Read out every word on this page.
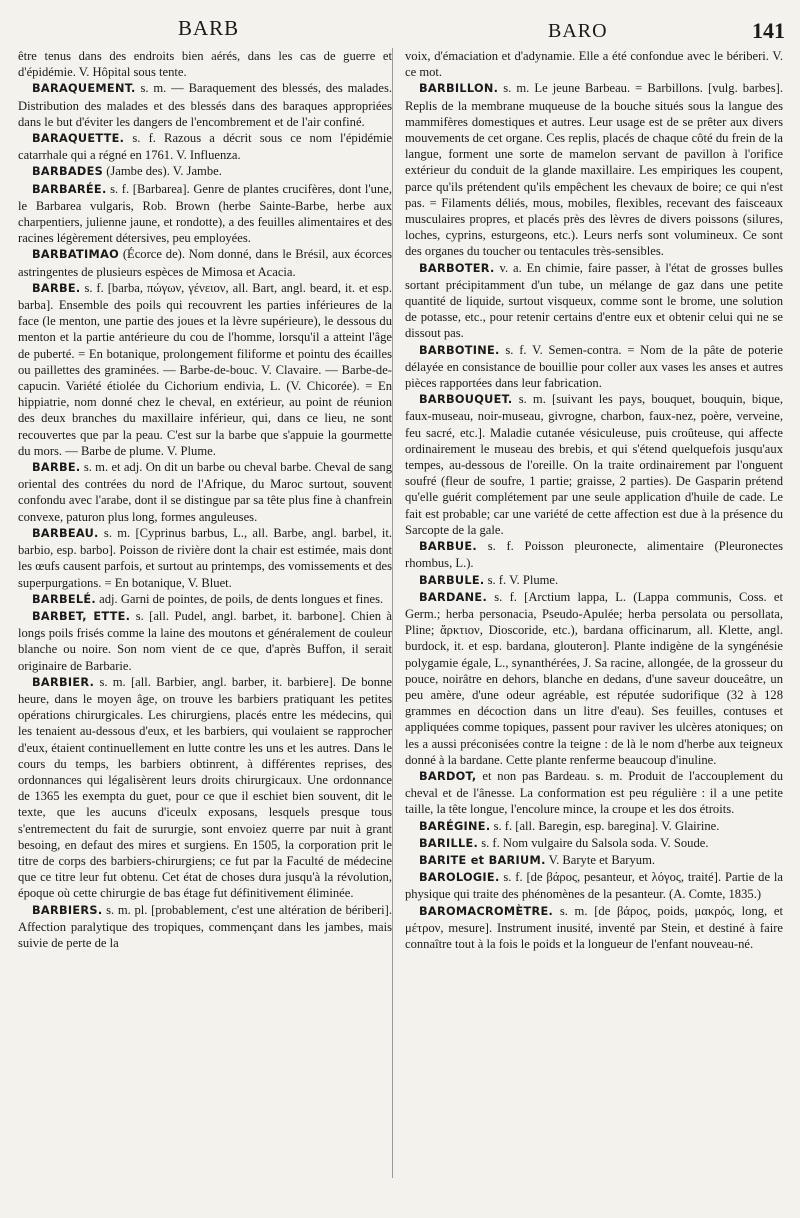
BARB	BARO	141

être tenus dans des endroits bien aérés, dans les cas de guerre et d'épidémie. V. Hôpital sous tente.

BARAQUEMENT. s. m. — Baraquement des blessés, des malades. Distribution des malades et des blessés dans des baraques appropriées dans le but d'éviter les dangers de l'encombrement et de l'air confiné.

BARAQUETTE. s. f. Razous a décrit sous ce nom l'épidémie catarrhale qui a régné en 1761. V. Influenza.

BARBADES (Jambe des). V. Jambe.

BARBARÉE. s. f. [Barbarea]. Genre de plantes crucifères, dont l'une, le Barbarea vulgaris, Rob. Brown (herbe Sainte-Barbe, herbe aux charpentiers, julienne jaune, et rondotte), a des feuilles alimentaires et des racines légèrement détersives, peu employées.

BARBATIMAO (Écorce de). Nom donné, dans le Brésil, aux écorces astringentes de plusieurs espèces de Mimosa et Acacia.

BARBE. s. f. [barba, πώγων, γένειον, all. Bart, angl. beard, it. et esp. barba]. Ensemble des poils qui recouvrent les parties inférieures de la face (le menton, une partie des joues et la lèvre supérieure), le dessous du menton et la partie antérieure du cou de l'homme, lorsqu'il a atteint l'âge de puberté. = En botanique, prolongement filiforme et pointu des écailles ou paillettes des graminées. — Barbe-de-bouc. V. Clavaire. — Barbe-de-capucin. Variété étiolée du Cichorium endivia, L. (V. Chicorée). = En hippiatrie, nom donné chez le cheval, en extérieur, au point de réunion des deux branches du maxillaire inférieur, qui, dans ce lieu, ne sont recouvertes que par la peau. C'est sur la barbe que s'appuie la gourmette du mors. — Barbe de plume. V. Plume.

BARBE. s. m. et adj. On dit un barbe ou cheval barbe. Cheval de sang oriental des contrées du nord de l'Afrique, du Maroc surtout, souvent confondu avec l'arabe, dont il se distingue par sa tête plus fine à chanfrein convexe, paturon plus long, formes anguleuses.

BARBEAU. s. m. [Cyprinus barbus, L., all. Barbe, angl. barbel, it. barbio, esp. barbo]. Poisson de rivière dont la chair est estimée, mais dont les œufs causent parfois, et surtout au printemps, des vomissements et des superpurgations. = En botanique, V. Bluet.

BARBELÉ. adj. Garni de pointes, de poils, de dents longues et fines.

BARBET, ETTE. s. [all. Pudel, angl. barbet, it. barbone]. Chien à longs poils frisés comme la laine des moutons et généralement de couleur blanche ou noire. Son nom vient de ce que, d'après Buffon, il serait originaire de Barbarie.

BARBIER. s. m. [all. Barbier, angl. barber, it. barbiere]. De bonne heure, dans le moyen âge, on trouve les barbiers pratiquant les petites opérations chirurgicales. Les chirurgiens, placés entre les médecins, qui les tenaient au-dessous d'eux, et les barbiers, qui voulaient se rapprocher d'eux, étaient continuellement en lutte contre les uns et les autres. Dans le cours du temps, les barbiers obtinrent, à différentes reprises, des ordonnances qui légalisèrent leurs droits chirurgicaux. Une ordonnance de 1365 les exempta du guet, pour ce que il eschiet bien souvent, dit le texte, que les aucuns d'iceulx exposans, lesquels presque tous s'entremectent du fait de sururgie, sont envoiez querre par nuit à grant besoing, en defaut des mires et surgiens. En 1505, la corporation prit le titre de corps des barbiers-chirurgiens; ce fut par la Faculté de médecine que ce titre leur fut obtenu. Cet état de choses dura jusqu'à la révolution, époque où cette chirurgie de bas étage fut définitivement éliminée.

BARBIERS. s. m. pl. [probablement, c'est une altération de bériberi]. Affection paralytique des tropiques, commençant dans les jambes, mais suivie de perte de la

voix, d'émaciation et d'adynamie. Elle a été confondue avec le bériberi. V. ce mot.

BARBILLON. s. m. Le jeune Barbeau. = Barbillons. [vulg. barbes]. Replis de la membrane muqueuse de la bouche situés sous la langue des mammifères domestiques et autres. Leur usage est de se prêter aux divers mouvements de cet organe. Ces replis, placés de chaque côté du frein de la langue, forment une sorte de mamelon servant de pavillon à l'orifice extérieur du conduit de la glande maxillaire. Les empiriques les coupent, parce qu'ils prétendent qu'ils empêchent les chevaux de boire; ce qui n'est pas. = Filaments déliés, mous, mobiles, flexibles, recevant des faisceaux musculaires propres, et placés près des lèvres de divers poissons (silures, loches, cyprins, esturgeons, etc.). Leurs nerfs sont volumineux. Ce sont des organes du toucher ou tentacules très-sensibles.

BARBOTER. v. a. En chimie, faire passer, à l'état de grosses bulles sortant précipitamment d'un tube, un mélange de gaz dans une petite quantité de liquide, surtout visqueux, comme sont le brome, une solution de potasse, etc., pour retenir certains d'entre eux et obtenir celui qui ne se dissout pas.

BARBOTINE. s. f. V. Semen-contra. = Nom de la pâte de poterie délayée en consistance de bouillie pour coller aux vases les anses et autres pièces rapportées dans leur fabrication.

BARBOUQUET. s. m. [suivant les pays, bouquet, bouquin, bique, faux-museau, noir-museau, givrogne, charbon, faux-nez, poère, verveine, feu sacré, etc.]. Maladie cutanée vésiculeuse, puis croûteuse, qui affecte ordinairement le museau des brebis, et qui s'étend quelquefois jusqu'aux tempes, au-dessous de l'oreille. On la traite ordinairement par l'onguent soufré (fleur de soufre, 1 partie; graisse, 2 parties). De Gasparin prétend qu'elle guérit complétement par une seule application d'huile de cade. Le fait est probable; car une variété de cette affection est due à la présence du Sarcopte de la gale.

BARBUE. s. f. Poisson pleuronecte, alimentaire (Pleuronectes rhombus, L.).

BARBULE. s. f. V. Plume.

BARDANE. s. f. [Arctium lappa, L. (Lappa communis, Coss. et Germ.; herba personacia, Pseudo-Apulée; herba persolata ou persollata, Pline; ἄρκτιον, Dioscoride, etc.), bardana officinarum, all. Klette, angl. burdock, it. et esp. bardana, glouteron]. Plante indigène de la syngénésie polygamie égale, L., synanthérées, J. Sa racine, allongée, de la grosseur du pouce, noirâtre en dehors, blanche en dedans, d'une saveur douceâtre, un peu amère, d'une odeur agréable, est réputée sudorifique (32 à 128 grammes en décoction dans un litre d'eau). Ses feuilles, contuses et appliquées comme topiques, passent pour raviver les ulcères atoniques; on les a aussi préconisées contre la teigne : de là le nom d'herbe aux teigneux donné à la bardane. Cette plante renferme beaucoup d'inuline.

BARDOT, et non pas Bardeau. s. m. Produit de l'accouplement du cheval et de l'ânesse. La conformation est peu régulière : il a une petite taille, la tête longue, l'encolure mince, la croupe et les dos étroits.

BARÉGINE. s. f. [all. Baregin, esp. baregina]. V. Glairine.

BARILLE. s. f. Nom vulgaire du Salsola soda. V. Soude.

BARITE et BARIUM. V. Baryte et Baryum.

BAROLOGIE. s. f. [de βάρος, pesanteur, et λόγος, traité]. Partie de la physique qui traite des phénomènes de la pesanteur. (A. Comte, 1835.)

BAROMACROMÈTRE. s. m. [de βάρος, poids, μακρός, long, et μέτρον, mesure]. Instrument inusité, inventé par Stein, et destiné à faire connaître tout à la fois le poids et la longueur de l'enfant nouveau-né.
